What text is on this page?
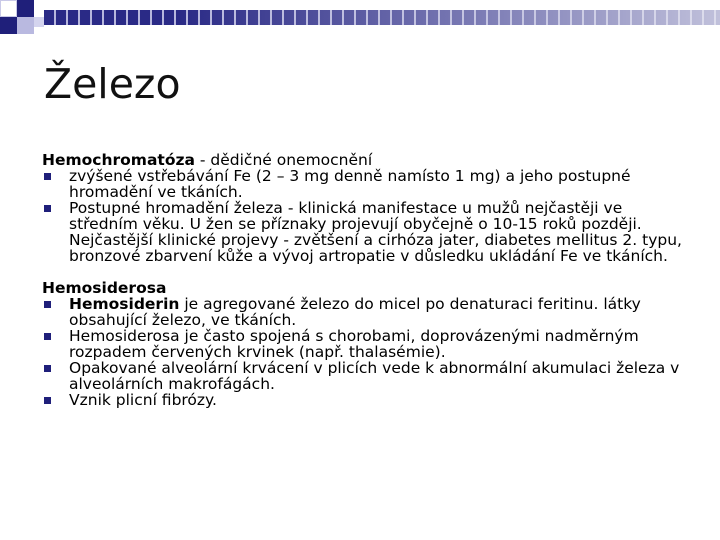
Železo

Hemochromatóza - dědičné onemocnění

zvýšené vstřebávání Fe (2 – 3 mg denně namísto 1 mg) a jeho postupné hromadění ve tkáních.
Postupné hromadění železa - klinická manifestace u mužů nejčastěji ve středním věku. U žen se příznaky projevují obyčejně o 10-15 roků později. Nejčastější klinické projevy - zvětšení a cirhóza jater, diabetes mellitus 2. typu, bronzové zbarvení kůže a vývoj artropatie v důsledku ukládání Fe ve tkáních.

Hemosiderosa

Hemosiderin je agregované železo do micel po denaturaci feritinu. látky obsahující železo, ve tkáních.
Hemosiderosa je často spojená s chorobami, doprovázenými nadměrným rozpadem červených krvinek (např. thalasémie).
Opakované alveolární krvácení v plicích vede k abnormální akumulaci železa v alveolárních makrofágách.
Vznik plicní fibrózy.
